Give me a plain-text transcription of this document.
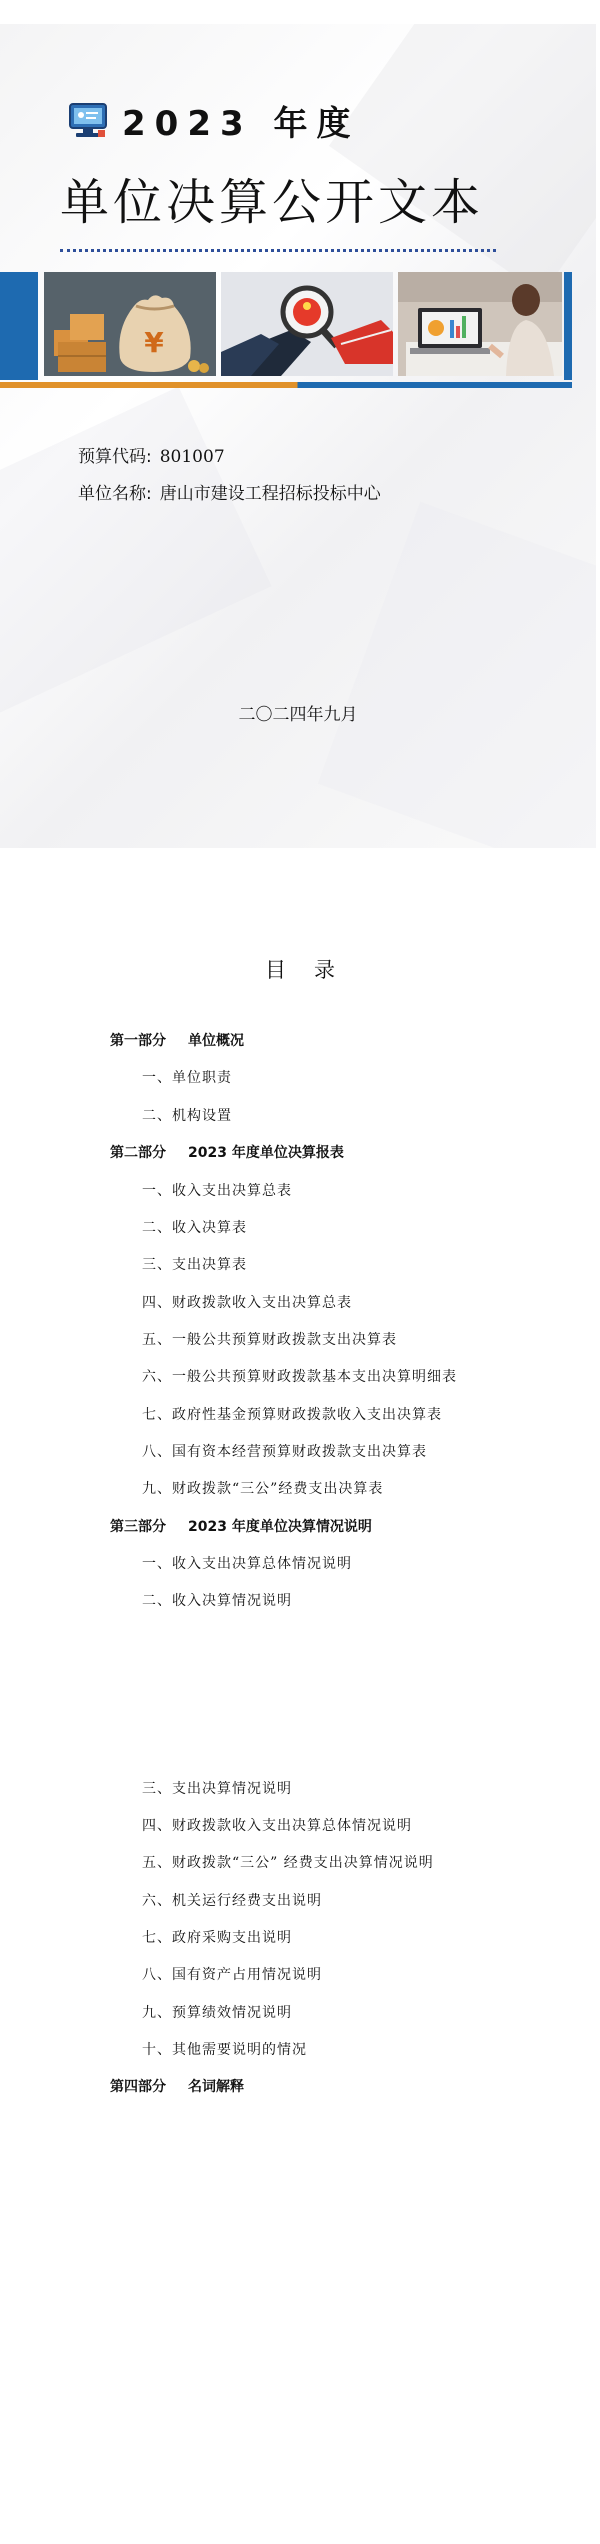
2023 年度
单位决算公开文本
¥
预算代码: 801007
单位名称: 唐山市建设工程招标投标中心
二〇二四年九月
目录
第一部分 单位概况
一、单位职责
二、机构设置
第二部分 2023 年度单位决算报表
一、收入支出决算总表
二、收入决算表
三、支出决算表
四、财政拨款收入支出决算总表
五、一般公共预算财政拨款支出决算表
六、一般公共预算财政拨款基本支出决算明细表
七、政府性基金预算财政拨款收入支出决算表
八、国有资本经营预算财政拨款支出决算表
九、财政拨款“三公”经费支出决算表
第三部分 2023 年度单位决算情况说明
一、收入支出决算总体情况说明
二、收入决算情况说明
三、支出决算情况说明
四、财政拨款收入支出决算总体情况说明
五、财政拨款“三公” 经费支出决算情况说明
六、机关运行经费支出说明
七、政府采购支出说明
八、国有资产占用情况说明
九、预算绩效情况说明
十、其他需要说明的情况
第四部分 名词解释
